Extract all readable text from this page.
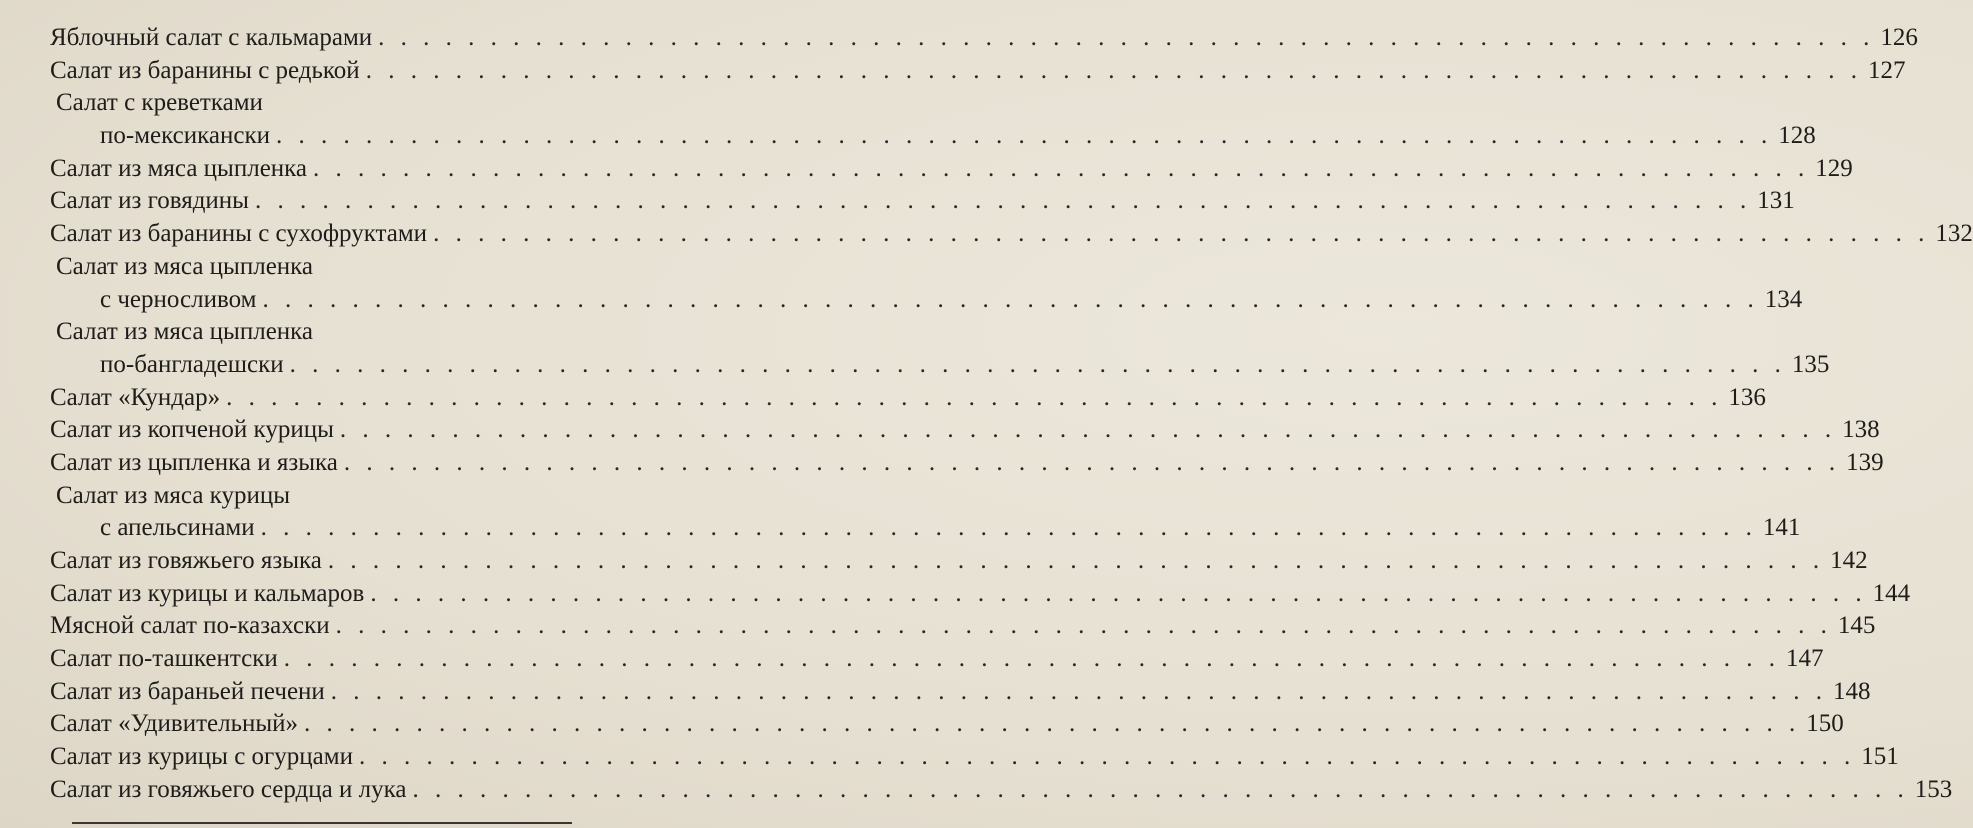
Яблочный салат с кальмарами . . . . . . . . . . . . . . . . . . . . . . . . . . . . . . . . . . . . . . . . . . . . . . . . . . . . . . . . . . . . . . . . . . . 126
Салат из баранины с редькой . . . . . . . . . . . . . . . . . . . . . . . . . . . . . . . . . . . . . . . . . . . . . . . . . . . . . . . . . . . . . . . . . . . 127
Салат с креветками
по-мексикански . . . . . . . . . . . . . . . . . . . . . . . . . . . . . . . . . . . . . . . . . . . . . . . . . . . . . . . . . . . . . . . . . . . 128
Салат из мяса цыпленка . . . . . . . . . . . . . . . . . . . . . . . . . . . . . . . . . . . . . . . . . . . . . . . . . . . . . . . . . . . . . . . . . . . 129
Салат из говядины . . . . . . . . . . . . . . . . . . . . . . . . . . . . . . . . . . . . . . . . . . . . . . . . . . . . . . . . . . . . . . . . . . . 131
Салат из баранины с сухофруктами . . . . . . . . . . . . . . . . . . . . . . . . . . . . . . . . . . . . . . . . . . . . . . . . . . . . . . . . . . . . . . . . . . . 132
Салат из мяса цыпленка
с черносливом . . . . . . . . . . . . . . . . . . . . . . . . . . . . . . . . . . . . . . . . . . . . . . . . . . . . . . . . . . . . . . . . . . . 134
Салат из мяса цыпленка
по-бангладешски . . . . . . . . . . . . . . . . . . . . . . . . . . . . . . . . . . . . . . . . . . . . . . . . . . . . . . . . . . . . . . . . . . . 135
Салат «Кундар» . . . . . . . . . . . . . . . . . . . . . . . . . . . . . . . . . . . . . . . . . . . . . . . . . . . . . . . . . . . . . . . . . . . 136
Салат из копченой курицы . . . . . . . . . . . . . . . . . . . . . . . . . . . . . . . . . . . . . . . . . . . . . . . . . . . . . . . . . . . . . . . . . . . 138
Салат из цыпленка и языка . . . . . . . . . . . . . . . . . . . . . . . . . . . . . . . . . . . . . . . . . . . . . . . . . . . . . . . . . . . . . . . . . . . 139
Салат из мяса курицы
с апельсинами . . . . . . . . . . . . . . . . . . . . . . . . . . . . . . . . . . . . . . . . . . . . . . . . . . . . . . . . . . . . . . . . . . . 141
Салат из говяжьего языка . . . . . . . . . . . . . . . . . . . . . . . . . . . . . . . . . . . . . . . . . . . . . . . . . . . . . . . . . . . . . . . . . . . 142
Салат из курицы и кальмаров . . . . . . . . . . . . . . . . . . . . . . . . . . . . . . . . . . . . . . . . . . . . . . . . . . . . . . . . . . . . . . . . . . . 144
Мясной салат по-казахски . . . . . . . . . . . . . . . . . . . . . . . . . . . . . . . . . . . . . . . . . . . . . . . . . . . . . . . . . . . . . . . . . . . 145
Салат по-ташкентски . . . . . . . . . . . . . . . . . . . . . . . . . . . . . . . . . . . . . . . . . . . . . . . . . . . . . . . . . . . . . . . . . . . 147
Салат из бараньей печени . . . . . . . . . . . . . . . . . . . . . . . . . . . . . . . . . . . . . . . . . . . . . . . . . . . . . . . . . . . . . . . . . . . 148
Салат «Удивительный» . . . . . . . . . . . . . . . . . . . . . . . . . . . . . . . . . . . . . . . . . . . . . . . . . . . . . . . . . . . . . . . . . . . 150
Салат из курицы с огурцами . . . . . . . . . . . . . . . . . . . . . . . . . . . . . . . . . . . . . . . . . . . . . . . . . . . . . . . . . . . . . . . . . . . 151
Салат из говяжьего сердца и лука . . . . . . . . . . . . . . . . . . . . . . . . . . . . . . . . . . . . . . . . . . . . . . . . . . . . . . . . . . . . . . . . . . . 153
